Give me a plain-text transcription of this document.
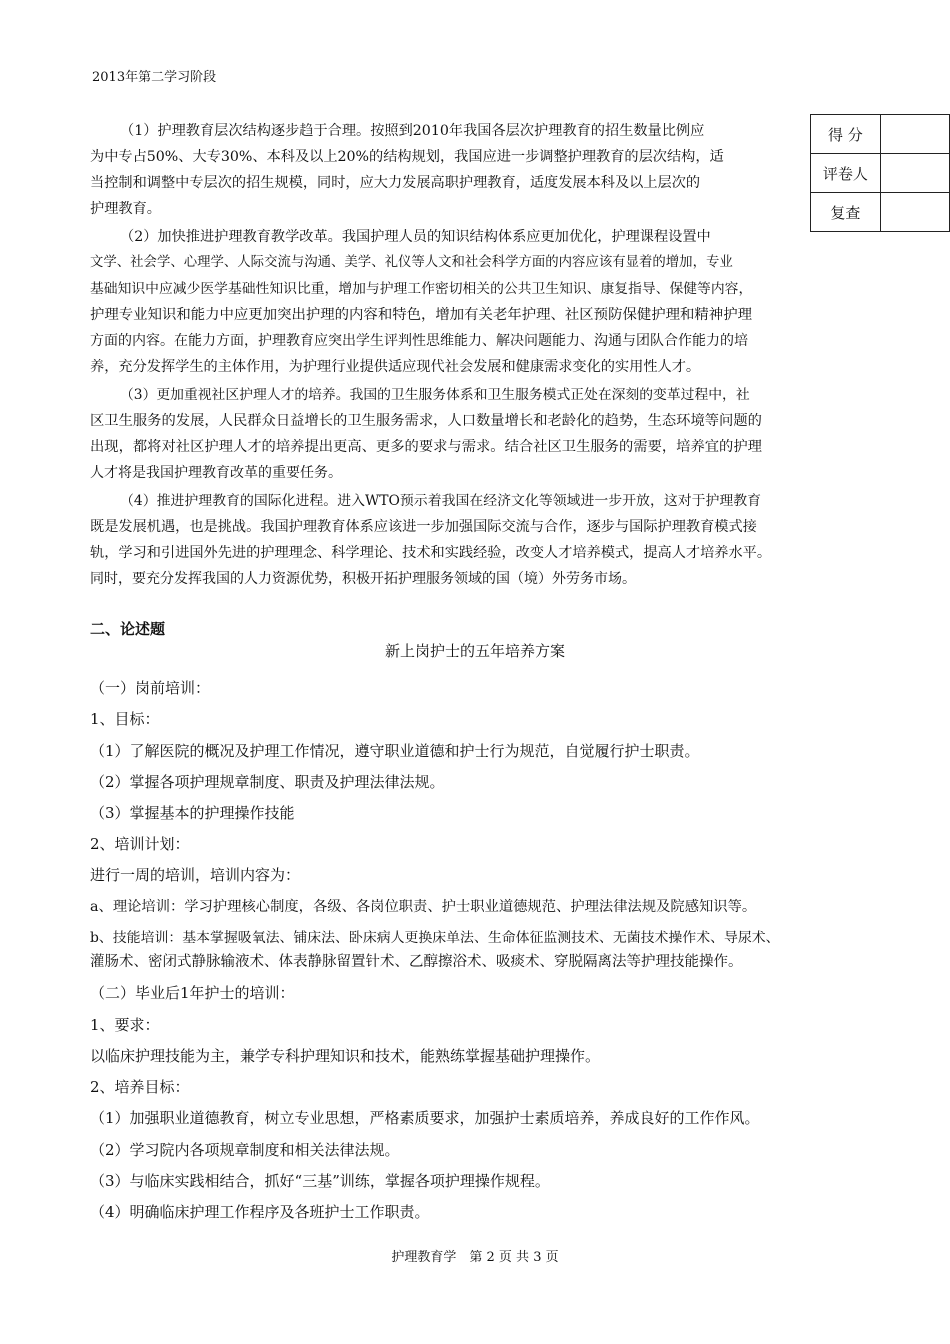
2013年第二学习阶段
得 分	
评卷人	
复查	
（1）护理教育层次结构逐步趋于合理。按照到2010年我国各层次护理教育的招生数量比例应
为中专占50%、大专30%、本科及以上20%的结构规划，我国应进一步调整护理教育的层次结构，适
当控制和调整中专层次的招生规模，同时，应大力发展高职护理教育，适度发展本科及以上层次的
护理教育。
（2）加快推进护理教育教学改革。我国护理人员的知识结构体系应更加优化，护理课程设置中
文学、社会学、心理学、人际交流与沟通、美学、礼仪等人文和社会科学方面的内容应该有显着的增加，专业
基础知识中应减少医学基础性知识比重，增加与护理工作密切相关的公共卫生知识、康复指导、保健等内容，
护理专业知识和能力中应更加突出护理的内容和特色，增加有关老年护理、社区预防保健护理和精神护理
方面的内容。在能力方面，护理教育应突出学生评判性思维能力、解决问题能力、沟通与团队合作能力的培
养，充分发挥学生的主体作用，为护理行业提供适应现代社会发展和健康需求变化的实用性人才。
（3）更加重视社区护理人才的培养。我国的卫生服务体系和卫生服务模式正处在深刻的变革过程中，社
区卫生服务的发展，人民群众日益增长的卫生服务需求，人口数量增长和老龄化的趋势，生态环境等问题的
出现，都将对社区护理人才的培养提出更高、更多的要求与需求。结合社区卫生服务的需要，培养宜的护理
人才将是我国护理教育改革的重要任务。
（4）推进护理教育的国际化进程。进入WTO预示着我国在经济文化等领域进一步开放，这对于护理教育
既是发展机遇，也是挑战。我国护理教育体系应该进一步加强国际交流与合作，逐步与国际护理教育模式接
轨，学习和引进国外先进的护理理念、科学理论、技术和实践经验，改变人才培养模式，提高人才培养水平。
同时，要充分发挥我国的人力资源优势，积极开拓护理服务领域的国（境）外劳务市场。
二、论述题
新上岗护士的五年培养方案
（一）岗前培训：
1、目标：
（1）了解医院的概况及护理工作情况，遵守职业道德和护士行为规范，自觉履行护士职责。
（2）掌握各项护理规章制度、职责及护理法律法规。
（3）掌握基本的护理操作技能
2、培训计划：
进行一周的培训，培训内容为：
a、理论培训：学习护理核心制度，各级、各岗位职责、护士职业道德规范、护理法律法规及院感知识等。
b、技能培训：基本掌握吸氧法、铺床法、卧床病人更换床单法、生命体征监测技术、无菌技术操作术、导尿术、
灌肠术、密闭式静脉输液术、体表静脉留置针术、乙醇擦浴术、吸痰术、穿脱隔离法等护理技能操作。
（二）毕业后1年护士的培训：
1、要求：
以临床护理技能为主，兼学专科护理知识和技术，能熟练掌握基础护理操作。
2、培养目标：
（1）加强职业道德教育，树立专业思想，严格素质要求，加强护士素质培养，养成良好的工作作风。
（2）学习院内各项规章制度和相关法律法规。
（3）与临床实践相结合，抓好“三基”训练，掌握各项护理操作规程。
（4）明确临床护理工作程序及各班护士工作职责。
护理教育学　第 2 页 共 3 页
